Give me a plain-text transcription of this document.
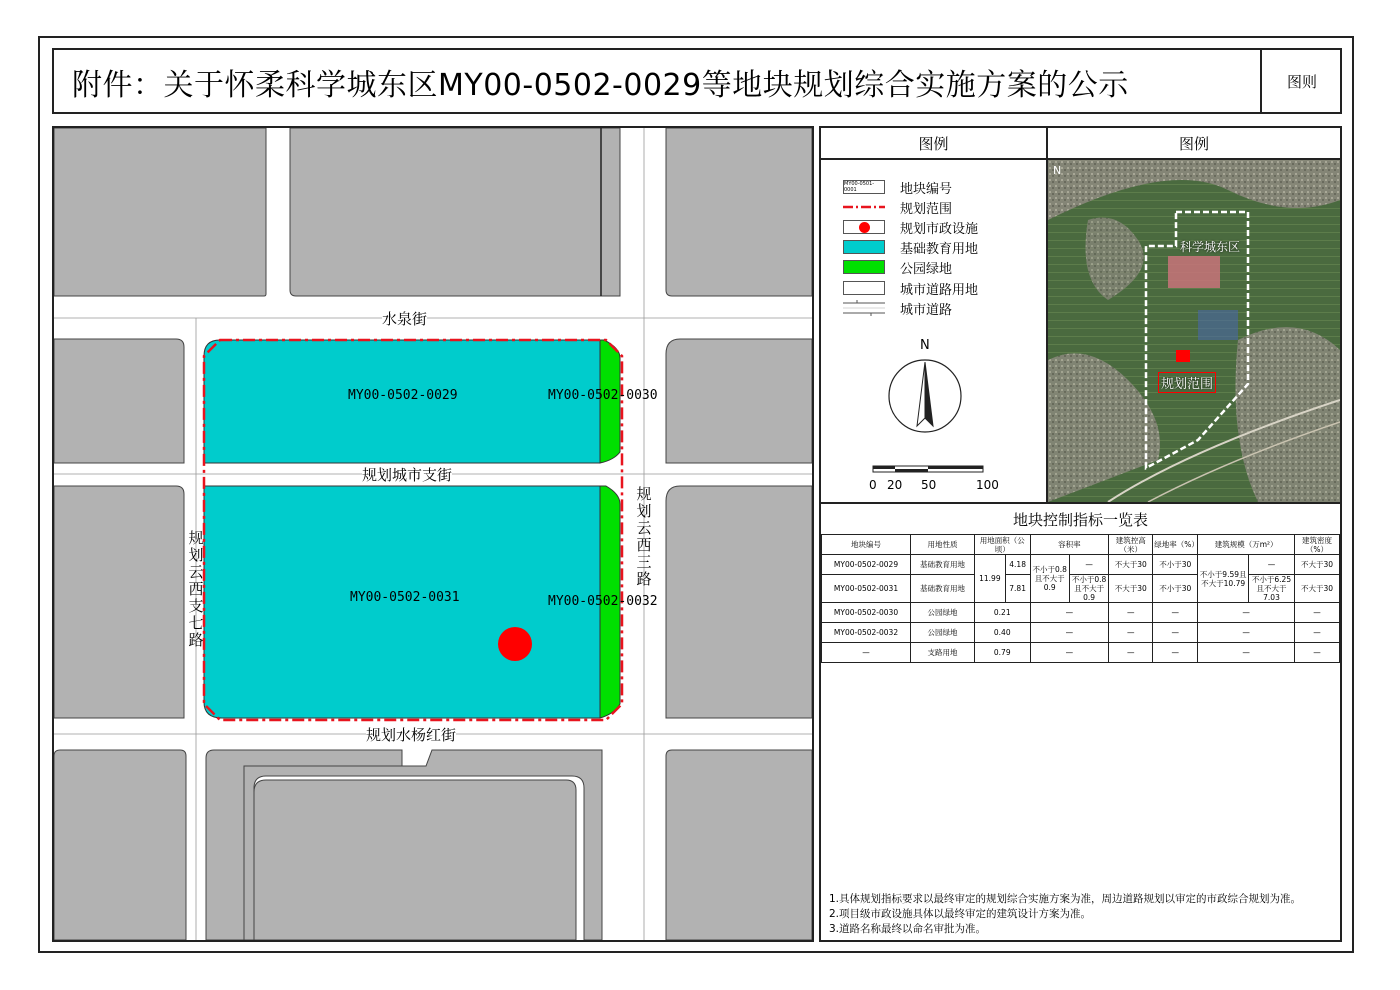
附件：关于怀柔科学城东区MY00-0502-0029等地块规划综合实施方案的公示	图则
MY00-0502-0029	MY00-0502-0030
MY00-0502-0031	MY00-0502-0032
水泉街
规划城市支街
规划水杨红街
规
划
云
西
支
七
路
规
划
云
西
三
路
图例	图例
MY00-0501-0001	地块编号
规划范围
规划市政设施
基础教育用地
公园绿地
城市道路用地
城市道路
N
0 20 50	100
N
科学城东区
规划范围
地块控制指标一览表
地块编号	用地性质	用地面积（公顷）		容积率		建筑控高（米）	绿地率（%）	建筑规模（万m²）		建筑密度（%）
MY00-0502-0029	基础教育用地	11.99	4.18	不小于0.8且不大于0.9	—	不大于30	不小于30	不小于9.59且不大于10.79	—	不大于30
MY00-0502-0031	基础教育用地		7.81		不小于0.8且不大于0.9	不大于30	不小于30		不小于6.25且不大于7.03	不大于30
MY00-0502-0030	公园绿地	0.21		—		—	—	—		—
MY00-0502-0032	公园绿地	0.40		—		—	—	—		—
—	支路用地	0.79		—		—	—	—		—
1.具体规划指标要求以最终审定的规划综合实施方案为准，周边道路规划以审定的市政综合规划为准。
2.项目级市政设施具体以最终审定的建筑设计方案为准。
3.道路名称最终以命名审批为准。
